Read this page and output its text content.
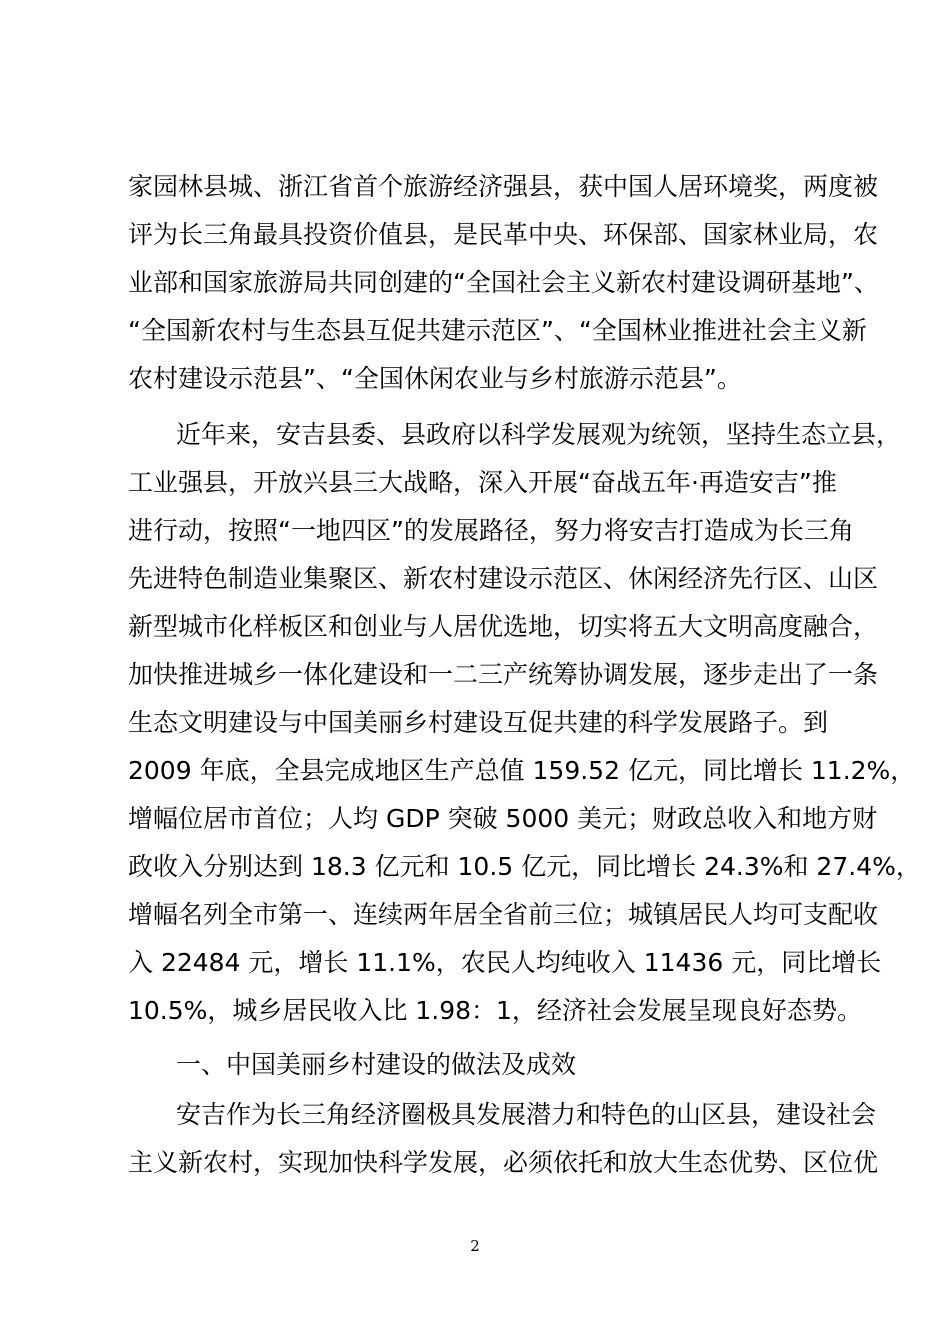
家园林县城、浙江省首个旅游经济强县，获中国人居环境奖，两度被
评为长三角最具投资价值县，是民革中央、环保部、国家林业局，农
业部和国家旅游局共同创建的“全国社会主义新农村建设调研基地”、
“全国新农村与生态县互促共建示范区”、“全国林业推进社会主义新
农村建设示范县”、“全国休闲农业与乡村旅游示范县”。
近年来，安吉县委、县政府以科学发展观为统领，坚持生态立县，
工业强县，开放兴县三大战略，深入开展“奋战五年·再造安吉”推
进行动，按照“一地四区”的发展路径，努力将安吉打造成为长三角
先进特色制造业集聚区、新农村建设示范区、休闲经济先行区、山区
新型城市化样板区和创业与人居优选地，切实将五大文明高度融合，
加快推进城乡一体化建设和一二三产统筹协调发展，逐步走出了一条
生态文明建设与中国美丽乡村建设互促共建的科学发展路子。到
2009 年底，全县完成地区生产总值 159.52 亿元，同比增长 11.2%，
增幅位居市首位；人均 GDP 突破 5000 美元；财政总收入和地方财
政收入分别达到 18.3 亿元和 10.5 亿元，同比增长 24.3%和 27.4%，
增幅名列全市第一、连续两年居全省前三位；城镇居民人均可支配收
入 22484 元，增长 11.1%，农民人均纯收入 11436 元，同比增长
10.5%，城乡居民收入比 1.98：1，经济社会发展呈现良好态势。
一、中国美丽乡村建设的做法及成效
安吉作为长三角经济圈极具发展潜力和特色的山区县，建设社会
主义新农村，实现加快科学发展，必须依托和放大生态优势、区位优
2
